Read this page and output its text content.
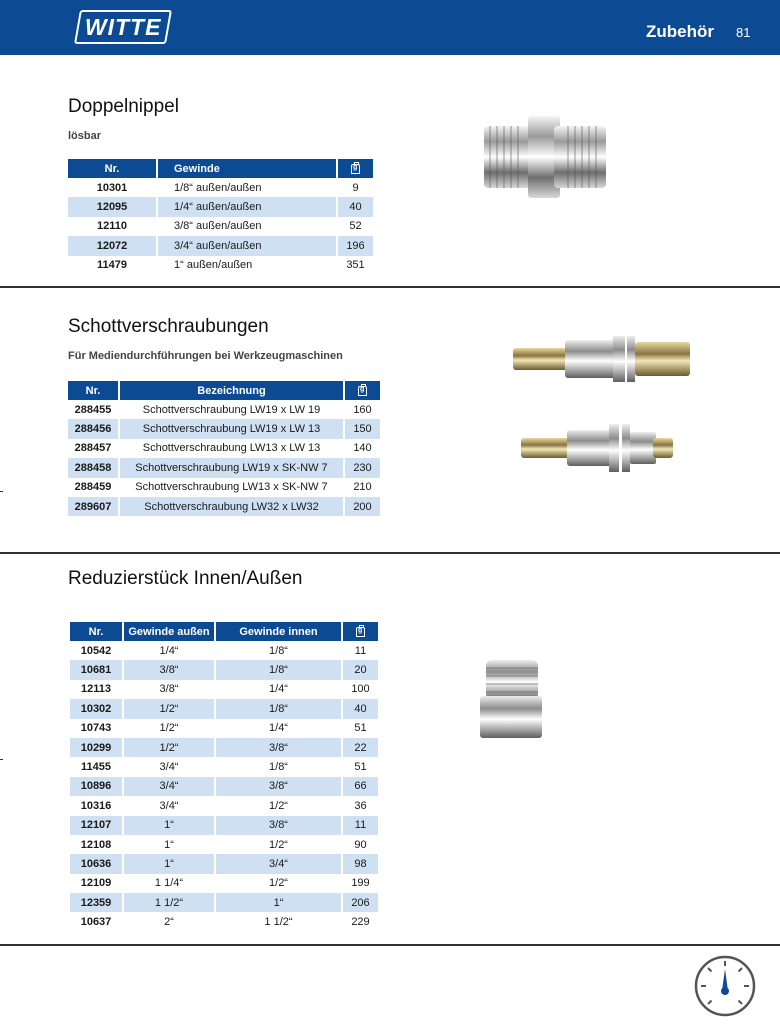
WITTE	Zubehör 81
Doppelnippel
lösbar
Nr.	Gewinde	g
10301	1/8“ außen/außen	9
12095	1/4“ außen/außen	40
12110	3/8“ außen/außen	52
12072	3/4“ außen/außen	196
11479	1“ außen/außen	351
Schottverschraubungen
Für Mediendurchführungen bei Werkzeugmaschinen
Nr.	Bezeichnung	g
288455	Schottverschraubung LW19 x LW 19	160
288456	Schottverschraubung LW19 x LW 13	150
288457	Schottverschraubung LW13 x LW 13	140
288458	Schottverschraubung LW19 x SK-NW 7	230
288459	Schottverschraubung LW13 x SK-NW 7	210
289607	Schottverschraubung LW32 x LW32	200
Reduzierstück Innen/Außen
Nr.	Gewinde außen	Gewinde innen	g
10542	1/4“	1/8“	11
10681	3/8“	1/8“	20
12113	3/8“	1/4“	100
10302	1/2“	1/8“	40
10743	1/2“	1/4“	51
10299	1/2“	3/8“	22
11455	3/4“	1/8“	51
10896	3/4“	3/8“	66
10316	3/4“	1/2“	36
12107	1“	3/8“	11
12108	1“	1/2“	90
10636	1“	3/4“	98
12109	1 1/4“	1/2“	199
12359	1 1/2“	1“	206
10637	2“	1 1/2“	229
